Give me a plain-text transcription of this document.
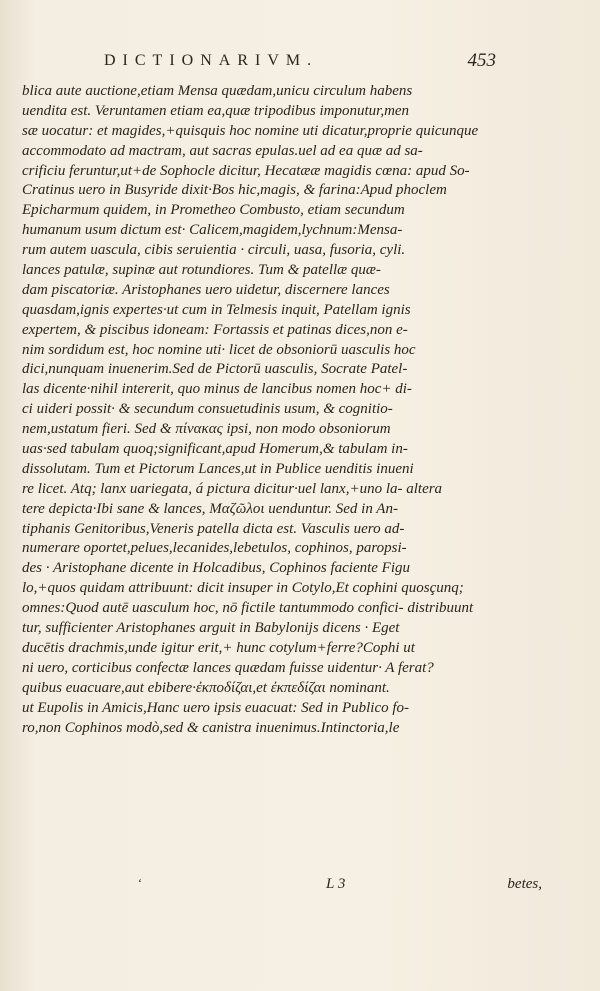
DICTIONARIVM.	453
blica aute auctione,etiam Mensa quædam,unicu circulum habens
uendita est. Veruntamen etiam ea,quæ tripodibus imponutur,men
sæ uocatur: et magides,+quisquis hoc nomine uti dicatur,proprie quicunque
accommodato ad mactram, aut sacras epulas.uel ad ea quæ ad sa-
crificiu feruntur,ut+de Sophocle dicitur, Hecatææ magidis cœna: apud So-
Cratinus uero in Busyride dixit·Bos hic,magis, & farina:Apud phoclem
Epicharmum quidem, in Prometheo Combusto, etiam secundum
humanum usum dictum est· Calicem,magidem,lychnum:Mensa-
rum autem uascula, cibis seruientia · circuli, uasa, fusoria, cyli.
lances patulæ, supinæ aut rotundiores. Tum & patellæ quæ-
dam piscatoriæ. Aristophanes uero uidetur, discernere lances
quasdam,ignis expertes·ut cum in Telmesis inquit, Patellam ignis
expertem, & piscibus idoneam: Fortassis et patinas dices,non e-
nim sordidum est, hoc nomine uti· licet de obsoniorū uasculis hoc
dici,nunquam inuenerim.Sed de Pictorū uasculis, Socrate Patel-
las dicente·nihil intererit, quo minus de lancibus nomen hoc+ di-
ci uideri possit· & secundum consuetudinis usum, & cognitio-
nem,ustatum fieri. Sed & πίνακας ipsi, non modo obsoniorum
uas·sed tabulam quoq;significant,apud Homerum,& tabulam in-
dissolutam. Tum et Pictorum Lances,ut in Publice uenditis inueni
re licet. Atq; lanx uariegata, á pictura dicitur·uel lanx,+uno la- altera
tere depicta·Ibi sane & lances, Μαζῶλοι uenduntur. Sed in An-
tiphanis Genitoribus,Veneris patella dicta est. Vasculis uero ad-
numerare oportet,pelues,lecanides,lebetulos, cophinos, paropsi-
des · Aristophane dicente in Holcadibus, Cophinos faciente Figu
lo,+quos quidam attribuunt: dicit insuper in Cotylo,Et cophini quosçunq;
omnes:Quod autē uasculum hoc, nō fictile tantummodo confici- distribuunt
tur, sufficienter Aristophanes arguit in Babylonijs dicens · Eget
ducētis drachmis,unde igitur erit,+ hunc cotylum+ferre?Cophi ut
ni uero, corticibus confectæ lances quædam fuisse uidentur· A ferat?
quibus euacuare,aut ebibere·ἐκποδίζαι,et ἐκπεδίζαι nominant.
ut Eupolis in Amicis,Hanc uero ipsis euacuat: Sed in Publico fo-
ro,non Cophinos modò,sed & canistra inuenimus.Intinctoria,le
‘	L 3	betes,
